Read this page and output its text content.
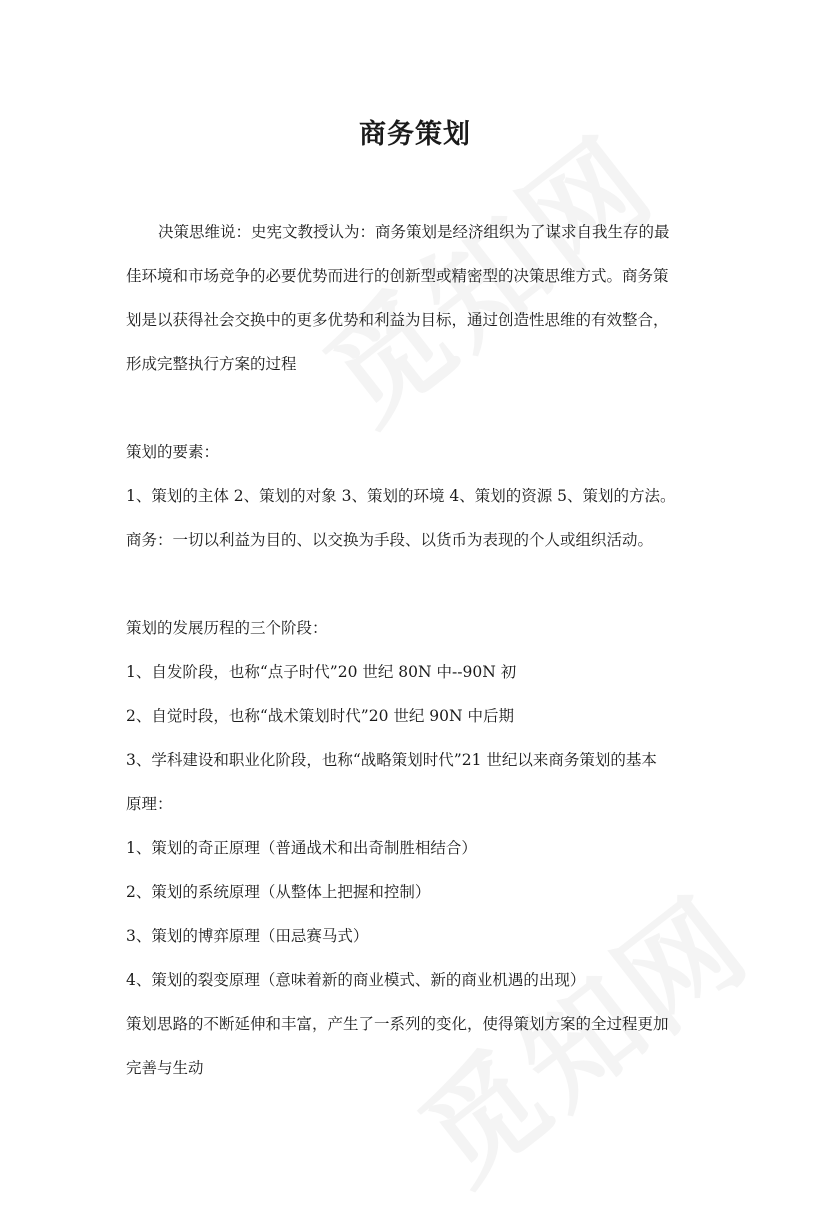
商务策划

决策思维说：史宪文教授认为：商务策划是经济组织为了谋求自我生存的最

佳环境和市场竞争的必要优势而进行的创新型或精密型的决策思维方式。商务策

划是以获得社会交换中的更多优势和利益为目标，通过创造性思维的有效整合，

形成完整执行方案的过程

策划的要素：

1、策划的主体 2、策划的对象 3、策划的环境 4、策划的资源 5、策划的方法。

商务：一切以利益为目的、以交换为手段、以货币为表现的个人或组织活动。

策划的发展历程的三个阶段：

1、自发阶段，也称“点子时代”20 世纪 80N 中--90N 初

2、自觉时段，也称“战术策划时代”20 世纪 90N 中后期

3、学科建设和职业化阶段，也称“战略策划时代”21 世纪以来商务策划的基本

原理：

1、策划的奇正原理（普通战术和出奇制胜相结合）

2、策划的系统原理（从整体上把握和控制）

3、策划的博弈原理（田忌赛马式）

4、策划的裂变原理（意味着新的商业模式、新的商业机遇的出现）

策划思路的不断延伸和丰富，产生了一系列的变化，使得策划方案的全过程更加

完善与生动
